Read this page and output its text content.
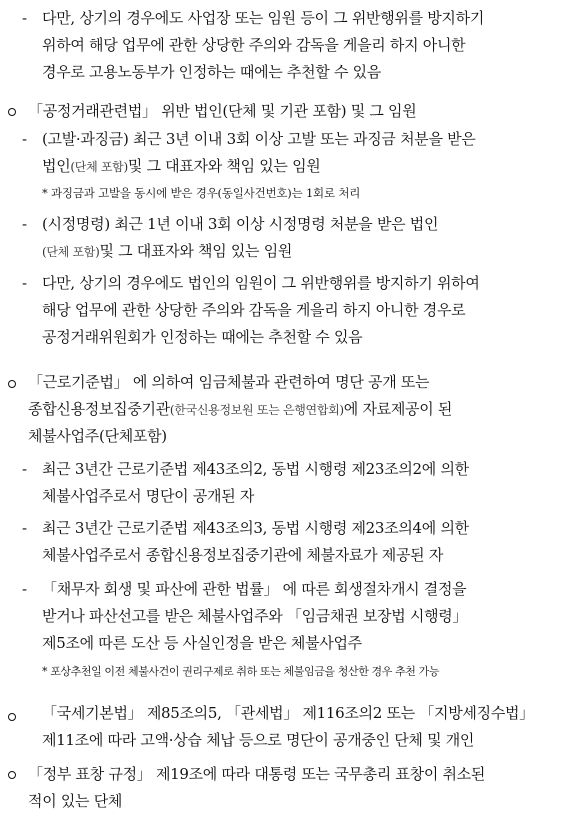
- 다만, 상기의 경우에도 사업장 또는 임원 등이 그 위반행위를 방지하기
위하여 해당 업무에 관한 상당한 주의와 감독을 게을리 하지 아니한
경우로 고용노동부가 인정하는 때에는 추천할 수 있음
「공정거래관련법」 위반 법인(단체 및 기관 포함) 및 그 임원
- (고발·과징금) 최근 3년 이내 3회 이상 고발 또는 과징금 처분을 받은
법인(단체 포함)및 그 대표자와 책임 있는 임원
* 과징금과 고발을 동시에 받은 경우(동일사건번호)는 1회로 처리
- (시정명령) 최근 1년 이내 3회 이상 시정명령 처분을 받은 법인
(단체 포함)및 그 대표자와 책임 있는 임원
- 다만, 상기의 경우에도 법인의 임원이 그 위반행위를 방지하기 위하여
해당 업무에 관한 상당한 주의와 감독을 게을리 하지 아니한 경우로
공정거래위원회가 인정하는 때에는 추천할 수 있음
「근로기준법」 에 의하여 임금체불과 관련하여 명단 공개 또는
종합신용정보집중기관(한국신용정보원 또는 은행연합회)에 자료제공이 된
체불사업주(단체포함)
- 최근 3년간 근로기준법 제43조의2, 동법 시행령 제23조의2에 의한
체불사업주로서 명단이 공개된 자
- 최근 3년간 근로기준법 제43조의3, 동법 시행령 제23조의4에 의한
체불사업주로서 종합신용정보집중기관에 체불자료가 제공된 자
- 「채무자 회생 및 파산에 관한 법률」 에 따른 회생절차개시 결정을
받거나 파산선고를 받은 체불사업주와 「임금채권 보장법 시행령」
제5조에 따른 도산 등 사실인정을 받은 체불사업주
* 포상추천일 이전 체불사건이 권리구제로 취하 또는 체불임금을 청산한 경우 추천 가능
「국세기본법」 제85조의5, 「관세법」 제116조의2 또는 「지방세징수법」
제11조에 따라 고액·상습 체납 등으로 명단이 공개중인 단체 및 개인
「정부 표창 규정」 제19조에 따라 대통령 또는 국무총리 표창이 취소된
적이 있는 단체
